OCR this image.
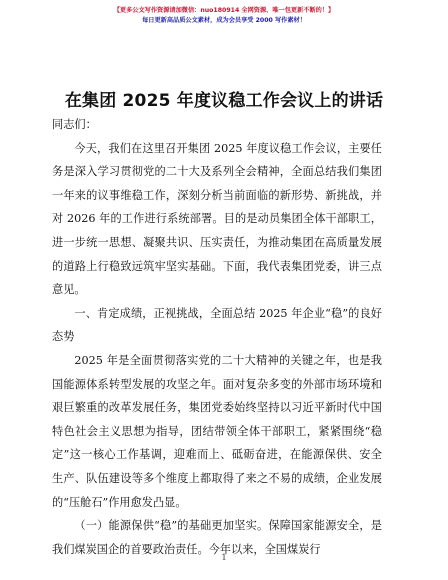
【更多公文写作资源请加微信：nuo180914 全网资源、唯一包更新不断的！】
每日更新高品质公文素材，成为会员享受 2000 写作素材！
在集团 2025 年度议稳工作会议上的讲话

同志们：

今天，我们在这里召开集团 2025 年度议稳工作会议，主要任务是深入学习贯彻党的二十大及系列全会精神，全面总结我们集团一年来的议事维稳工作，深刻分析当前面临的新形势、新挑战，并对 2026 年的工作进行系统部署。目的是动员集团全体干部职工，进一步统一思想、凝聚共识、压实责任，为推动集团在高质量发展的道路上行稳致远筑牢坚实基础。下面，我代表集团党委，讲三点意见。

一、肯定成绩，正视挑战，全面总结 2025 年企业“稳”的良好态势

2025 年是全面贯彻落实党的二十大精神的关键之年，也是我国能源体系转型发展的攻坚之年。面对复杂多变的外部市场环境和艰巨繁重的改革发展任务，集团党委始终坚持以习近平新时代中国特色社会主义思想为指导，团结带领全体干部职工，紧紧围绕“稳定”这一核心工作基调，迎难而上、砥砺奋进，在能源保供、安全生产、队伍建设等多个维度上都取得了来之不易的成绩，企业发展的“压舱石”作用愈发凸显。

（一）能源保供“稳”的基础更加坚实。保障国家能源安全，是我们煤炭国企的首要政治责任。今年以来，全国煤炭行

1
